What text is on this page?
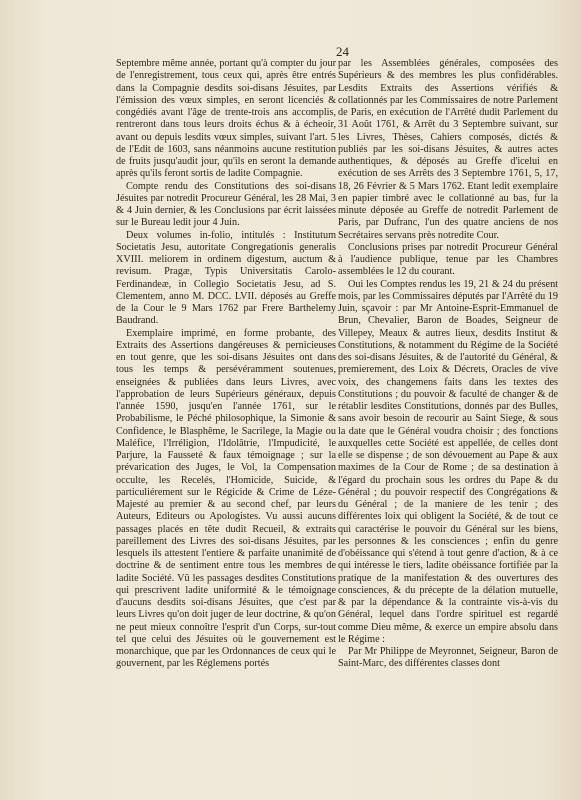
24

Septembre même année, portant qu'à compter du jour de l'enregistrement, tous ceux qui, après être entrés dans la Compagnie desdits soi-disans Jésuites, par l'émission des vœux simples, en seront licenciés & congédiés avant l'âge de trente-trois ans accomplis, rentreront dans tous leurs droits échus & à écheoir, avant ou depuis lesdits vœux simples, suivant l'art. 5 de l'Edit de 1603, sans néanmoins aucune restitution de fruits jusqu'audit jour, qu'ils en seront la demande après qu'ils feront sortis de ladite Compagnie.

Compte rendu des Constitutions des soi-disans Jésuites par notredit Procureur Général, les 28 Mai, 3 & 4 Juin dernier, & les Conclusions par écrit laissées sur le Bureau ledit jour 4 Juin.

Deux volumes in-folio, intitulés : Institutum Societatis Jesu, autoritate Congregationis generalis XVIII. meliorem in ordinem digestum, auctum & revisum. Pragæ, Typis Universitatis Carolo-Ferdinandeæ, in Collegio Societatis Jesu, ad S. Clementem, anno M. DCC. LVII. déposés au Greffe de la Cour le 9 Mars 1762 par Frere Barthelemy Baudrand.

Exemplaire imprimé, en forme probante, des Extraits des Assertions dangéreuses & pernicieuses en tout genre, que les soi-disans Jésuites ont dans tous les temps & persévéramment soutenues, enseignées & publiées dans leurs Livres, avec l'approbation de leurs Supérieurs généraux, depuis l'année 1590, jusqu'en l'année 1761, sur le Probabilisme, le Péché philosophique, la Simonie & Confidence, le Blasphême, le Sacrilege, la Magie ou Maléfice, l'Irréligion, l'Idolâtrie, l'Impudicité, le Parjure, la Fausseté & faux témoignage ; sur la prévarication des Juges, le Vol, la Compensation occulte, les Recelés, l'Homicide, Suicide, & particuliérement sur le Régicide & Crime de Léze-Majesté au premier & au second chef, par leurs Auteurs, Editeurs ou Apologistes. Vu aussi aucuns passages placés en tête dudit Recueil, & extraits pareillement des Livres des soi-disans Jésuites, par lesquels ils attestent l'entiere & parfaite unanimité de doctrine & de sentiment entre tous les membres de ladite Société. Vû les passages desdites Constitutions qui prescrivent ladite uniformité & le témoignage d'aucuns desdits soi-disans Jésuites, que c'est par leurs Livres qu'on doit juger de leur doctrine, & qu'on ne peut mieux connoître l'esprit d'un Corps, sur-tout tel que celui des Jésuites où le gouvernement est monarchique, que par les Ordonnances de ceux qui le gouvernent, par les Réglemens portés

par les Assemblées générales, composées des Supérieurs & des membres les plus confidérables. Lesdits Extraits des Assertions vérifiés & collationnés par les Commissaires de notre Parlement de Paris, en exécution de l'Arrêté dudit Parlement du 31 Août 1761, & Arrêt du 3 Septembre suivant, sur les Livres, Thèses, Cahiers composés, dictés & publiés par les soi-disans Jésuites, & autres actes authentiques, & déposés au Greffe d'icelui en exécution de ses Arrêts des 3 Septembre 1761, 5, 17, 18, 26 Février & 5 Mars 1762. Etant ledit exemplaire en papier timbré avec le collationné au bas, fur la minute déposée au Greffe de notredit Parlement de Paris, par Dufranc, l'un des quatre anciens de nos Secrétaires servans près notredite Cour.

Conclusions prises par notredit Procureur Général à l'audience publique, tenue par les Chambres assemblées le 12 du courant.

Oui les Comptes rendus les 19, 21 & 24 du présent mois, par les Commissaires députés par l'Arrêté du 19 Juin, sçavoir : par Mr Antoine-Esprit-Emmanuel de Brun, Chevalier, Baron de Boades, Seigneur de Villepey, Meaux & autres lieux, desdits Institut & Constitutions, & notamment du Régime de la Société des soi-disans Jésuites, & de l'autorité du Général, & premierement, des Loix & Décrets, Oracles de vive voix, des changemens faits dans les textes des Constitutions ; du pouvoir & faculté de changer & de rétablir lesdites Constitutions, donnés par des Bulles, sans avoir besoin de recourir au Saint Siege, & sous la date que le Général voudra choisir ; des fonctions auxquelles cette Société est appellée, de celles dont elle se dispense ; de son dévouement au Pape & aux maximes de la Cour de Rome ; de sa destination à l'égard du prochain sous les ordres du Pape & du Général ; du pouvoir respectif des Congrégations & du Général ; de la maniere de les tenir ; des différentes loix qui obligent la Société, & de tout ce qui caractérise le pouvoir du Général sur les biens, les personnes & les consciences ; enfin du genre d'obéissance qui s'étend à tout genre d'action, & à ce qui intéresse le tiers, ladite obéissance fortifiée par la pratique de la manifestation & des ouvertures des consciences, & du précepte de la délation mutuelle, & par la dépendance & la contrainte vis-à-vis du Général, lequel dans l'ordre spirituel est regardé comme Dieu même, & exerce un empire absolu dans le Régime :

Par Mr Philippe de Meyronnet, Seigneur, Baron de Saint-Marc, des différentes classes dont
